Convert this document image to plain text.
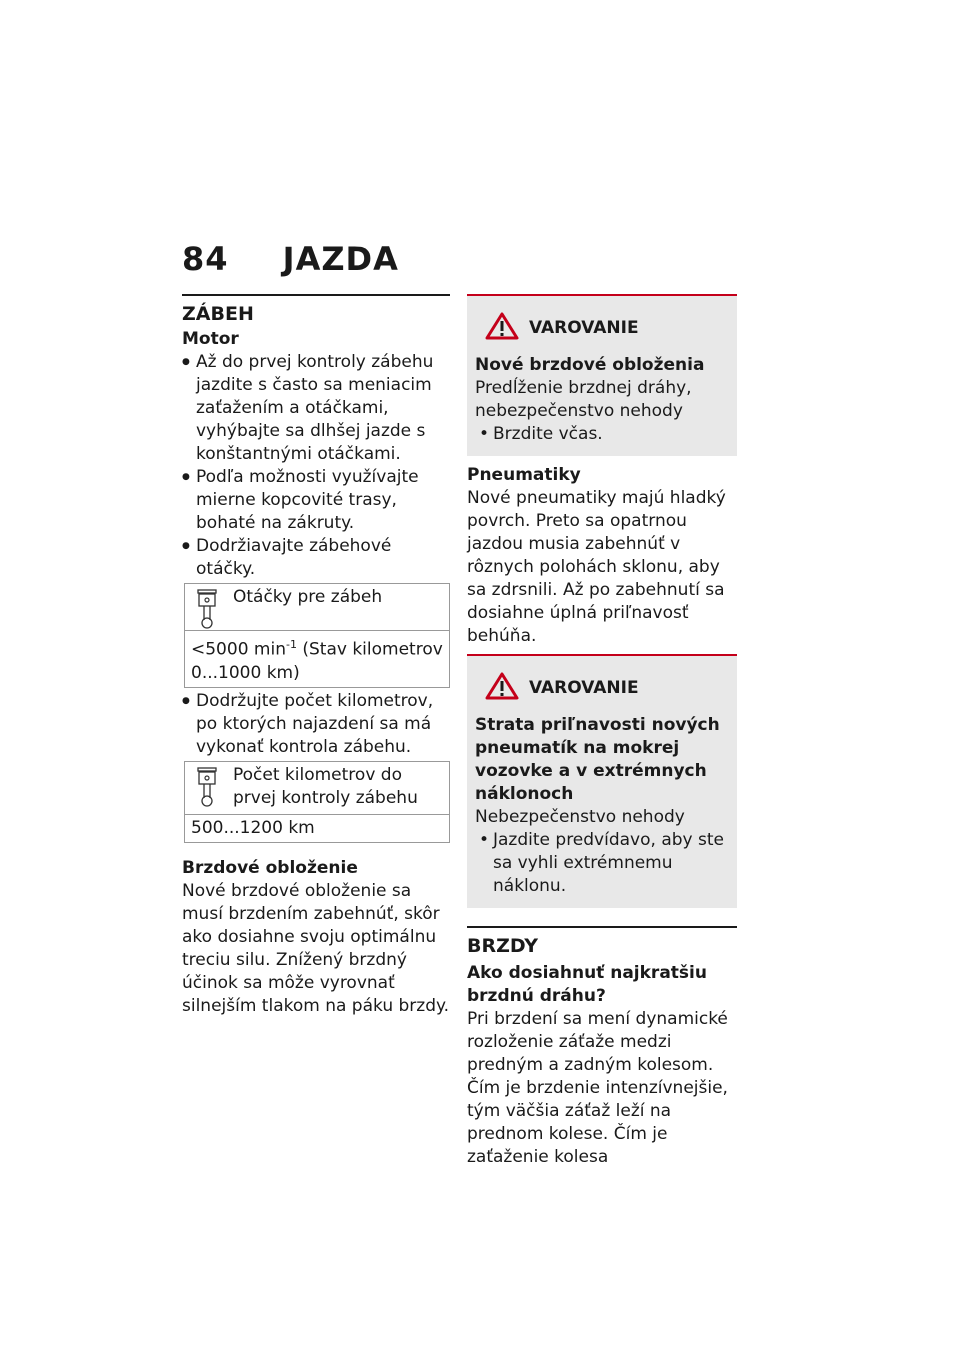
84 JAZDA
ZÁBEH
Motor
● Až do prvej kontroly zábehu jazdite s často sa meniacim zaťažením a otáčkami, vyhýbajte sa dlhšej jazde s konštantnými otáčkami.
● Podľa možnosti využívajte mierne kopcovité trasy, bohaté na zákruty.
● Dodržiavajte zábehové otáčky.
Otáčky pre zábeh
<5000 $\min^{-1}$ (Stav kilometrov 0...1000 km)
● Dodržujte počet kilometrov, po ktorých najazdení sa má vykonať kontrola zábehu.
Počet kilometrov do prvej kontroly zábehu
500...1200 km
Brzdové obloženie

Nové brzdové obloženie sa musí brzdením zabehnúť, skôr ako dosiahne svoju optimálnu treciu silu. Znížený brzdný účinok sa môže vyrovnať silnejším tlakom na páku brzdy.

VAROVANIE
Nové brzdové obloženia

Predĺženie brzdnej dráhy, nebezpečenstvo nehody

• Brzdite včas.
Pneumatiky

Nové pneumatiky majú hladký povrch. Preto sa opatrnou jazdou musia zabehnúť v rôznych polohách sklonu, aby sa zdrsnili. Až po zabehnutí sa dosiahne úplná priľnavosť behúňa.

VAROVANIE
Strata priľnavosti nových pneumatík na mokrej vozovke a v extrémnych náklonoch

Nebezpečenstvo nehody

• Jazdite predvídavo, aby ste sa vyhli extrémnemu náklonu.
BRZDY
Ako dosiahnuť najkratšiu brzdnú dráhu?

Pri brzdení sa mení dynamické rozloženie záťaže medzi predným a zadným kolesom. Čím je brzdenie intenzívnejšie, tým väčšia záťaž leží na prednom kolese. Čím je zaťaženie kolesa
